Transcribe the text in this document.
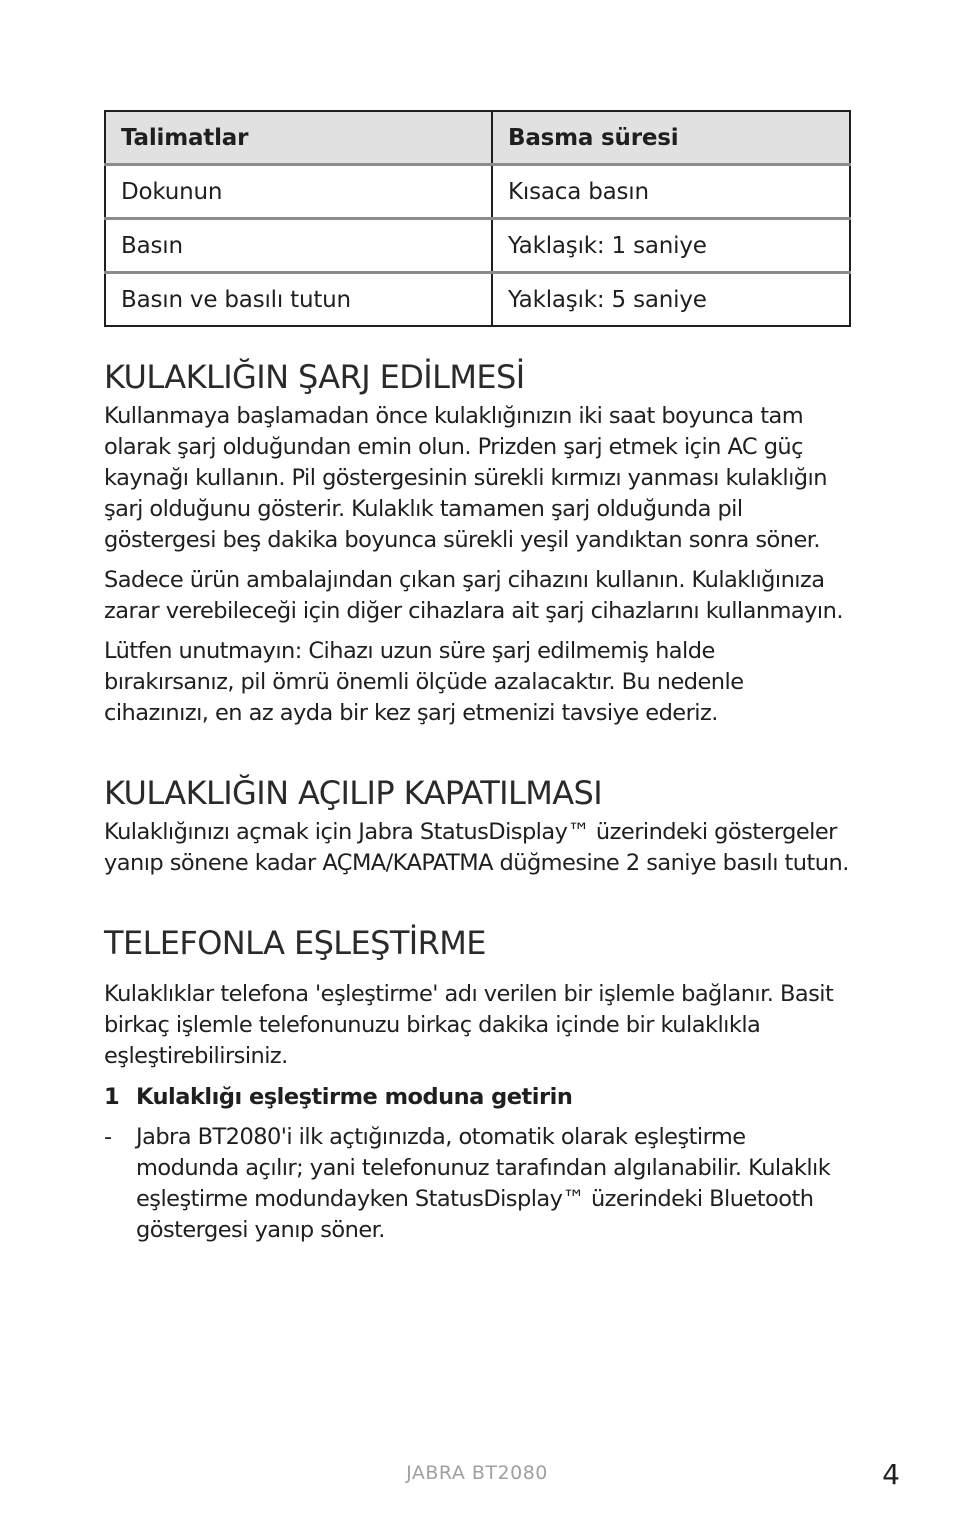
Talimatlar	Basma süresi
Dokunun	Kısaca basın
Basın	Yaklaşık: 1 saniye
Basın ve basılı tutun	Yaklaşık: 5 saniye
KULAKLIĞIN ŞARJ EDİLMESİ

Kullanmaya başlamadan önce kulaklığınızın iki saat boyunca tam olarak şarj olduğundan emin olun. Prizden şarj etmek için AC güç kaynağı kullanın. Pil göstergesinin sürekli kırmızı yanması kulaklığın şarj olduğunu gösterir. Kulaklık tamamen şarj olduğunda pil göstergesi beş dakika boyunca sürekli yeşil yandıktan sonra söner.

Sadece ürün ambalajından çıkan şarj cihazını kullanın. Kulaklığınıza zarar verebileceği için diğer cihazlara ait şarj cihazlarını kullanmayın.

Lütfen unutmayın: Cihazı uzun süre şarj edilmemiş halde bırakırsanız, pil ömrü önemli ölçüde azalacaktır. Bu nedenle cihazınızı, en az ayda bir kez şarj etmenizi tavsiye ederiz.

KULAKLIĞIN AÇILIP KAPATILMASI

Kulaklığınızı açmak için Jabra StatusDisplay™ üzerindeki göstergeler yanıp sönene kadar AÇMA/KAPATMA düğmesine 2 saniye basılı tutun.

TELEFONLA EŞLEŞTİRME

Kulaklıklar telefona 'eşleştirme' adı verilen bir işlemle bağlanır. Basit birkaç işlemle telefonunuzu birkaç dakika içinde bir kulaklıkla eşleştirebilirsiniz.

1 Kulaklığı eşleştirme moduna getirin
-	Jabra BT2080'i ilk açtığınızda, otomatik olarak eşleştirme modunda açılır; yani telefonunuz tarafından algılanabilir. Kulaklık eşleştirme modundayken StatusDisplay™ üzerindeki Bluetooth göstergesi yanıp söner.

JABRA BT2080	4
